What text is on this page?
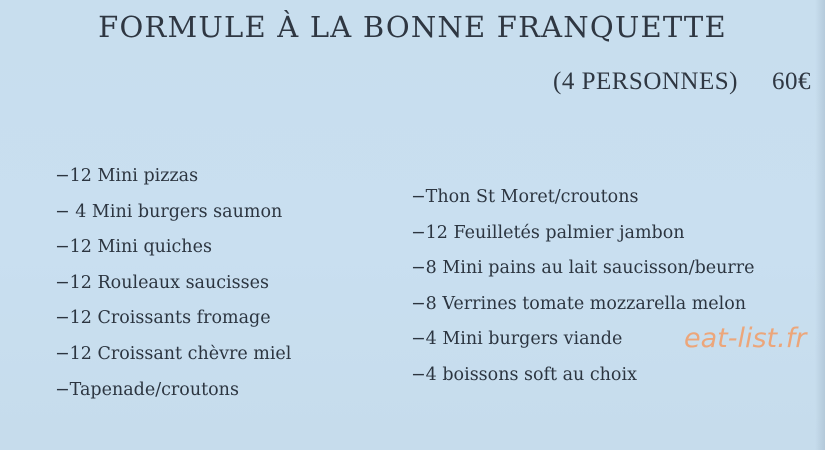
FORMULE À LA BONNE FRANQUETTE
(4 PERSONNES) 60€
−12 Mini pizzas
− 4 Mini burgers saumon
−12 Mini quiches
−12 Rouleaux saucisses
−12 Croissants fromage
−12 Croissant chèvre miel
−Tapenade/croutons
−Thon St Moret/croutons
−12 Feuilletés palmier jambon
−8 Mini pains au lait saucisson/beurre
−8 Verrines tomate mozzarella melon
−4 Mini burgers viande
−4 boissons soft au choix
eat-list.fr
